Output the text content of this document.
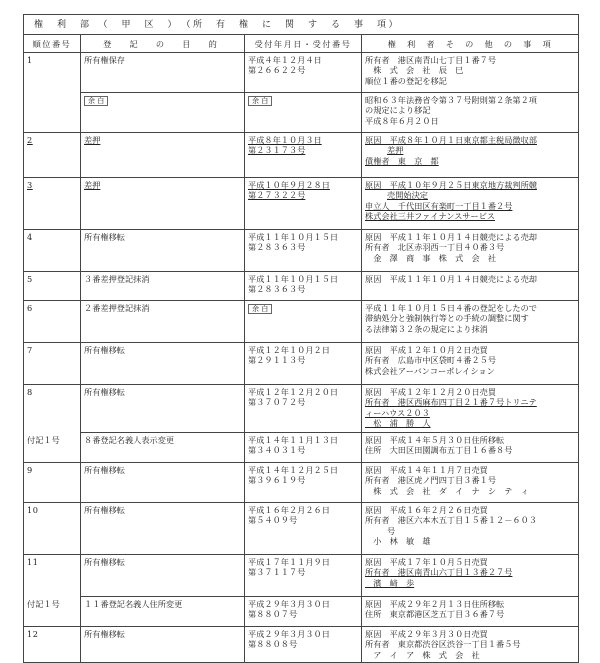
権　利　部　（　甲　区　）　（所　有　権　に　関　す　る　事　項）			
順位番号	登　記　の　目　的	受付年月日・受付番号	権　利　者　そ　の　他　の　事　項
1	所有権保存	平成４年１２月４日
第２６６２２号	所有者　港区南青山七丁目１番７号
　株　式　会　社　辰　巳
順位１番の登記を移記

	余 白	余 白	昭和６３年法務省令第３７号附則第２条第２項
の規定により移記
平成８年６月２０日

2	差押	平成８年１０月３日
第２３１７３号	原因　平成８年１０月１日東京都主税局徴収部
差押
債権者　東　京　都

3	差押	平成１０年９月２８日
第２７３２２号	原因　平成１０年９月２５日東京地方裁判所競
売開始決定
申立人　千代田区有楽町一丁目１番２号
株式会社三井ファイナンスサービス

4	所有権移転	平成１１年１０月１５日
第２８３６３号	原因　平成１１年１０月１４日競売による売却
所有者　北区赤羽西一丁目４０番３号
　金　澤　商　事　株　式　会　社

5	３番差押登記抹消	平成１１年１０月１５日
第２８３６３号	原因　平成１１年１０月１４日競売による売却

6	２番差押登記抹消	余 白	平成１１年１０月１５日４番の登記をしたので
滞納処分と強制執行等との手続の調整に関す
る法律第３２条の規定により抹消

7	所有権移転	平成１２年１０月２日
第２９１１３号	原因　平成１２年１０月２日売買
所有者　広島市中区袋町４番２５号
株式会社アーバンコーポレイション

8	所有権移転	平成１２年１２月２０日
第３７０７２号	原因　平成１２年１２月２０日売買
所有者　港区西麻布四丁目２１番７号トリニテ
ィーハウス２０３
　松　浦　勝　人

付記１号	８番登記名義人表示変更	平成１４年１１月１３日
第３４０３１号	原因　平成１４年５月３０日住所移転
住所　大田区田園調布五丁目１６番８号

9	所有権移転	平成１４年１２月２５日
第３９６１９号	原因　平成１４年１１月７日売買
所有者　港区虎ノ門四丁目３番１号
　株　式　会　社　ダ　イ　ナ　シ　テ　ィ

10	所有権移転	平成１６年２月２６日
第５４０９号	原因　平成１６年２月２６日売買
所有者　港区六本木五丁目１５番１２－６０３
号
　小　林　敏　雄

11	所有権移転	平成１７年１１月９日
第３７１１７号	原因　平成１７年１０月５日売買
所有者　港区南青山六丁目１３番２７号
　濱　﨑　歩

付記１号	１１番登記名義人住所変更	平成２９年３月３０日
第８８０７号	原因　平成２９年２月１３日住所移転
住所　東京都港区芝五丁目３６番７号

12	所有権移転	平成２９年３月３０日
第８８０８号	原因　平成２９年３月３０日売買
所有者　東京都渋谷区渋谷一丁目１番５号
　ア　イ　ア　株　式　会　社
